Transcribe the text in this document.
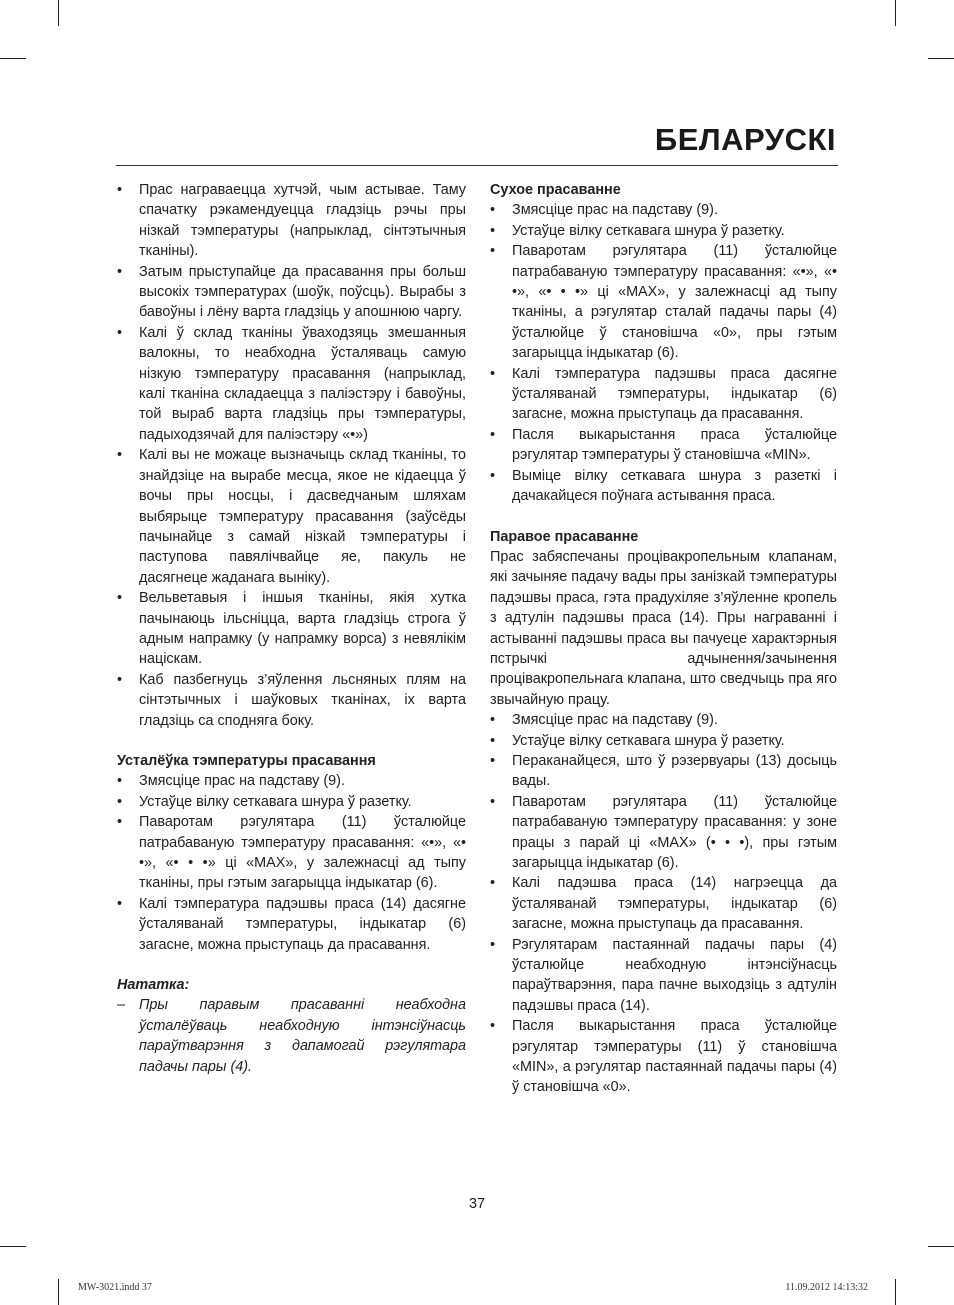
БЕЛАРУСКІ
• Прас награваецца хутчэй, чым астывае. Таму спачатку рэкамендуецца гладзіць рэчы пры нізкай тэмпературы (напрыклад, сінтэтычныя тканіны).
• Затым прыступайце да прасавання пры больш высокіх тэмпературах (шоўк, поўсць). Вырабы з бавоўны і лёну варта гладзіць у апошнюю чаргу.
• Калі ў склад тканіны ўваходзяць змешанныя валокны, то неабходна ўсталяваць самую нізкую тэмпературу прасавання (напрыклад, калі тканіна складаецца з паліэстэру і бавоўны, той выраб варта гладзіць пры тэмпературы, падыходзячай для паліэстэру «•»)
• Калі вы не можаце вызначыць склад тканіны, то знайдзіце на вырабе месца, якое не кідаецца ў вочы пры носцы, і дасведчаным шляхам выбярыце тэмпературу прасавання (заўсёды пачынайце з самай нізкай тэмпературы і паступова павялічвайце яе, пакуль не дасягнеце жаданага выніку).
• Вельветавыя і іншыя тканіны, якія хутка пачынаюць ільсніцца, варта гладзіць строга ў адным напрамку (у напрамку ворса) з невялікім націскам.
• Каб пазбегнуць з’яўлення льсняных плям на сінтэтычных і шаўковых тканінах, іх варта гладзіць са споднягa боку.

Усталёўка тэмпературы прасавання

• Змясціце прас на падставу (9).
• Устаўце вілку сеткавага шнура ў разетку.
• Паваротам рэгулятара (11) ўсталюйце патрабаваную тэмпературу прасавання: «•», «• •», «• • •» ці «MAX», у залежнасці ад тыпу тканіны, пры гэтым загарыцца індыкатар (6).
• Калі тэмпература падэшвы праса (14) дасягне ўсталяванай тэмпературы, індыкатар (6) загасне, можна прыступаць да прасавання.

Нататка:

– Пры паравым прасаванні неабходна ўсталёўваць неабходную інтэнсіўнасць параўтварэння з дапамогай рэгулятара падачы пары (4).

Сухое прасаванне

• Змясціце прас на падставу (9).
• Устаўце вілку сеткавага шнура ў разетку.
• Паваротам рэгулятара (11) ўсталюйце патрабаваную тэмпературу прасавання: «•», «• •», «• • •» ці «MAX», у залежнасці ад тыпу тканіны, а рэгулятар сталай падачы пары (4) ўсталюйце ў становішча «0», пры гэтым загарыцца індыкатар (6).
• Калі тэмпература падэшвы праса дасягне ўсталяванай тэмпературы, індыкатар (6) загасне, можна прыступаць да прасавання.
• Пасля выкарыстання праса ўсталюйце рэгулятар тэмпературы ў становішча «MIN».
• Выміце вілку сеткавага шнура з разеткі і дачакайцеся поўнага астывання праса.

Паравое прасаванне

Прас забяспечаны процівакропельным клапанам, які зачыняе падачу вады пры занізкай тэмпературы падэшвы праса, гэта прадухіляе з’яўленне кропель з адтулін падэшвы праса (14). Пры награванні і астыванні падэшвы праса вы пачуеце характэрныя пстрычкі адчынення/зачынення процівакропельнага клапана, што сведчыць пра яго звычайную працу.

• Змясціце прас на падставу (9).
• Устаўце вілку сеткавага шнура ў разетку.
• Пераканайцеся, што ў рэзервуары (13) досыць вады.
• Паваротам рэгулятара (11) ўсталюйце патрабаваную тэмпературу прасавання: у зоне працы з парай ці «MAX» (• • •), пры гэтым загарыцца індыкатар (6).
• Калі падэшва праса (14) нагрэецца да ўсталяванай тэмпературы, індыкатар (6) загасне, можна прыступаць да прасавання.
• Рэгулятарам пастаяннай падачы пары (4) ўсталюйце неабходную інтэнсіўнасць параўтварэння, пара пачне выходзіць з адтулін падэшвы праса (14).
• Пасля выкарыстання праса ўсталюйце рэгулятар тэмпературы (11) ў становішча «MIN», а рэгулятар пастаяннай падачы пары (4) ў становішча «0».
37
MW-3021.indd 37	11.09.2012 14:13:32
